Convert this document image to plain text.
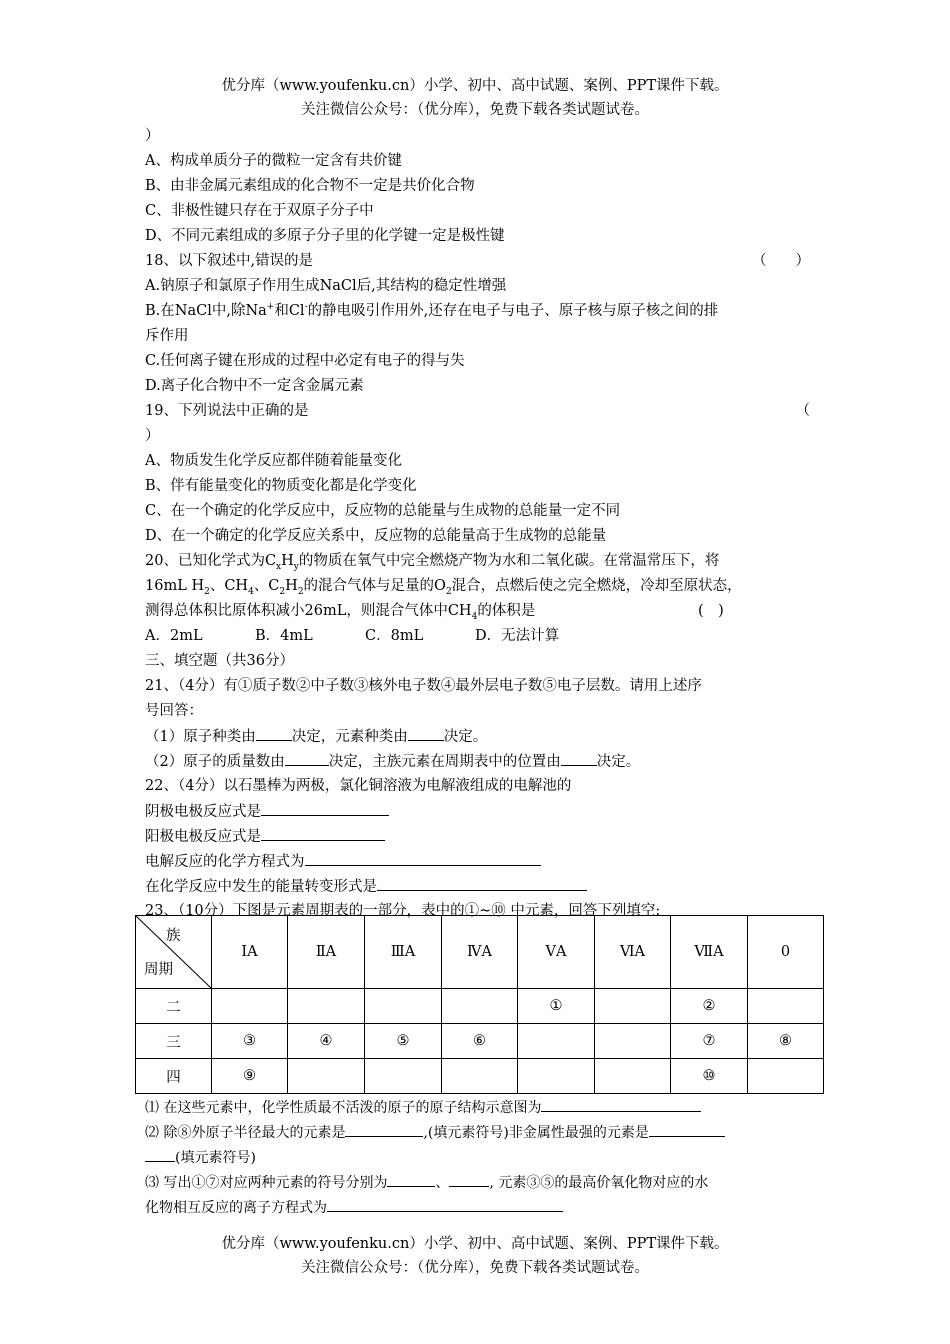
优分库（www.youfenku.cn）小学、初中、高中试题、案例、PPT课件下载。
关注微信公众号：（优分库），免费下载各类试题试卷。
）
A、构成单质分子的微粒一定含有共价键
B、由非金属元素组成的化合物不一定是共价化合物
C、非极性键只存在于双原子分子中
D、不同元素组成的多原子分子里的化学键一定是极性键
18、以下叙述中,错误的是	（　　）
A.钠原子和氯原子作用生成NaCl后,其结构的稳定性增强
B.在NaCl中,除Na+和Cl-的静电吸引作用外,还存在电子与电子、原子核与原子核之间的排
斥作用
C.任何离子键在形成的过程中必定有电子的得与失
D.离子化合物中不一定含金属元素
19、下列说法中正确的是	（
）
A、物质发生化学反应都伴随着能量变化
B、伴有能量变化的物质变化都是化学变化
C、在一个确定的化学反应中，反应物的总能量与生成物的总能量一定不同
D、在一个确定的化学反应关系中，反应物的总能量高于生成物的总能量
20、已知化学式为$C_xH_y$的物质在氧气中完全燃烧产物为水和二氧化碳。在常温常压下，将
16mL $H_2$、$CH_4$、$C_2H_2$的混合气体与足量的$O_2$混合，点燃后使之完全燃烧，冷却至原状态，
测得总体积比原体积减小26mL，则混合气体中$CH_4$的体积是	(　)
A．2mL	B．4mL	C．8mL	D．无法计算
三、填空题（共36分）
21、（4分）有①质子数②中子数③核外电子数④最外层电子数⑤电子层数。请用上述序
号回答：
（1）原子种类由 决定，元素种类由 决定。
（2）原子的质量数由	决定，主族元素在周期表中的位置由 决定。
22、（4分）以石墨棒为两极，氯化铜溶液为电解液组成的电解池的
阴极电极反应式是
阳极电极反应式是
电解反应的化学方程式为
在化学反应中发生的能量转变形式是
23、（10分）下图是元素周期表的一部分，表中的①~⑩ 中元素，回答下列填空:
族
周期	ⅠA	ⅡA	ⅢA	ⅣA	ⅤA	ⅥA	ⅦA	0
二					①		②	
三	③	④	⑤	⑥			⑦	⑧
四	⑨						⑩	
⑴ 在这些元素中，化学性质最不活泼的原子的原子结构示意图为
⑵ 除⑧外原子半径最大的元素是	,(填元素符号)非金属性最强的元素是
(填元素符号)
⑶ 写出①⑦对应两种元素的符号分别为	、	, 元素③⑤的最高价氧化物对应的水
化物相互反应的离子方程式为
优分库（www.youfenku.cn）小学、初中、高中试题、案例、PPT课件下载。
关注微信公众号：（优分库），免费下载各类试题试卷。
